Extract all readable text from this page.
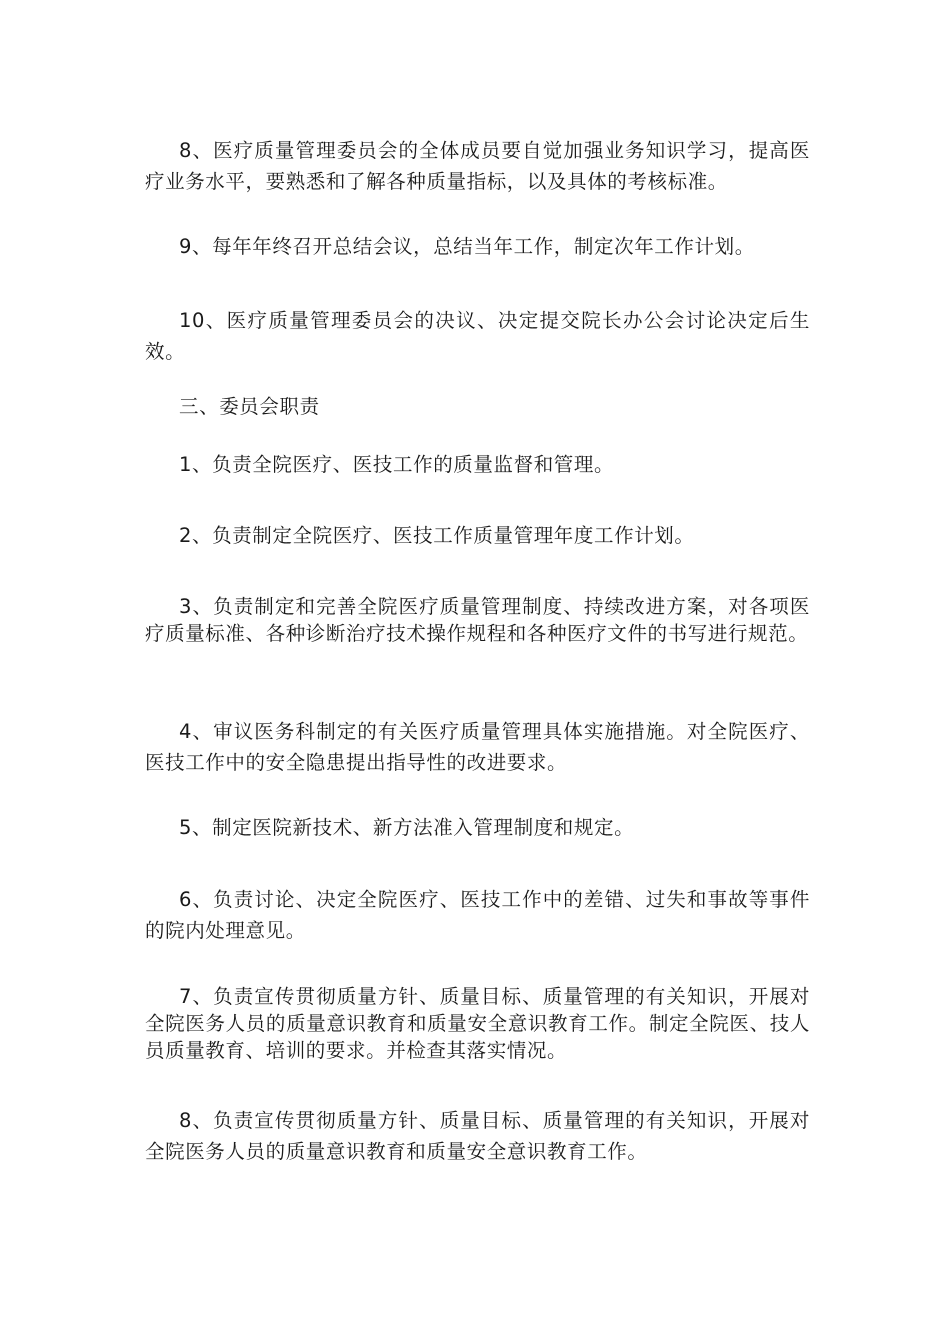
8、医疗质量管理委员会的全体成员要自觉加强业务知识学习，提高医疗业务水平，要熟悉和了解各种质量指标，以及具体的考核标准。

9、每年年终召开总结会议，总结当年工作，制定次年工作计划。

10、医疗质量管理委员会的决议、决定提交院长办公会讨论决定后生效。

三、委员会职责

1、负责全院医疗、医技工作的质量监督和管理。

2、负责制定全院医疗、医技工作质量管理年度工作计划。

3、负责制定和完善全院医疗质量管理制度、持续改进方案，对各项医疗质量标准、各种诊断治疗技术操作规程和各种医疗文件的书写进行规范。

4、审议医务科制定的有关医疗质量管理具体实施措施。对全院医疗、医技工作中的安全隐患提出指导性的改进要求。

5、制定医院新技术、新方法准入管理制度和规定。

6、负责讨论、决定全院医疗、医技工作中的差错、过失和事故等事件的院内处理意见。

7、负责宣传贯彻质量方针、质量目标、质量管理的有关知识，开展对全院医务人员的质量意识教育和质量安全意识教育工作。制定全院医、技人员质量教育、培训的要求。并检查其落实情况。

8、负责宣传贯彻质量方针、质量目标、质量管理的有关知识，开展对全院医务人员的质量意识教育和质量安全意识教育工作。
